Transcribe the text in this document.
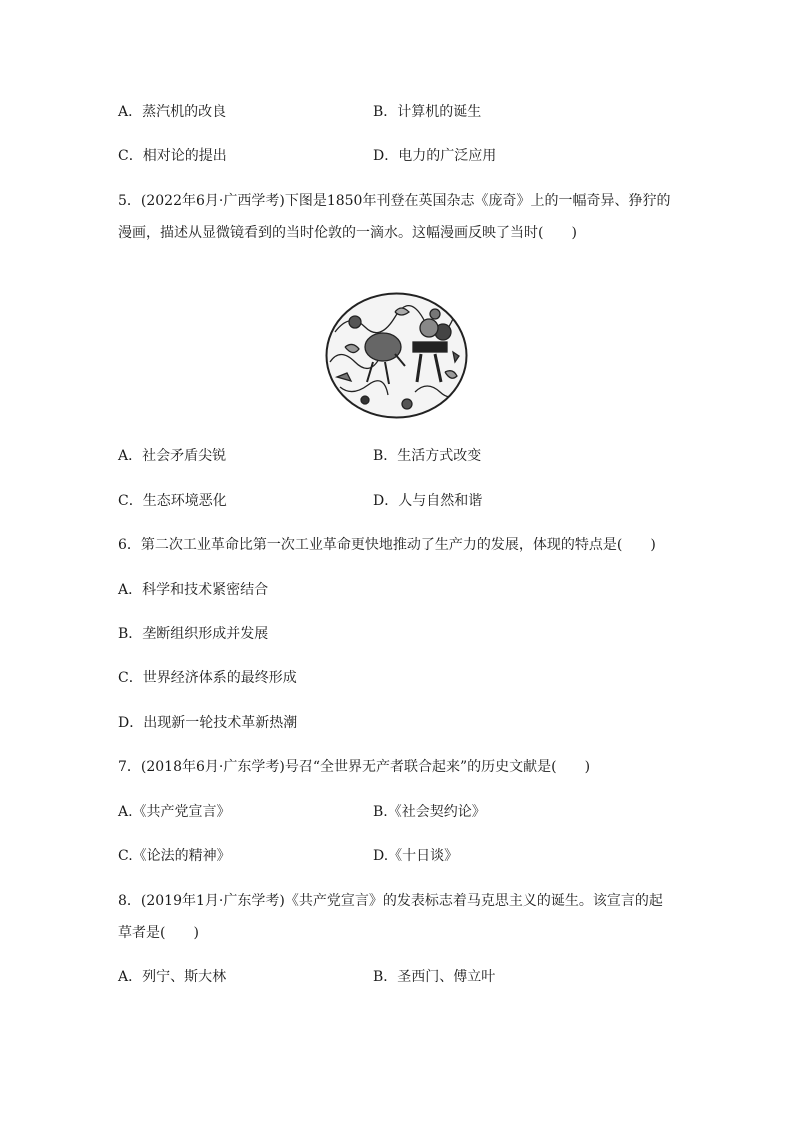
A．蒸汽机的改良	B．计算机的诞生
C．相对论的提出	D．电力的广泛应用
5．(2022年6月·广西学考)下图是1850年刊登在英国杂志《庞奇》上的一幅奇异、狰狞的
漫画，描述从显微镜看到的当时伦敦的一滴水。这幅漫画反映了当时(　　)
A．社会矛盾尖锐	B．生活方式改变
C．生态环境恶化	D．人与自然和谐
6．第二次工业革命比第一次工业革命更快地推动了生产力的发展，体现的特点是(　　)
A．科学和技术紧密结合
B．垄断组织形成并发展
C．世界经济体系的最终形成
D．出现新一轮技术革新热潮
7．(2018年6月·广东学考)号召“全世界无产者联合起来”的历史文献是(　　)
A.《共产党宣言》	B.《社会契约论》
C.《论法的精神》	D.《十日谈》
8．(2019年1月·广东学考)《共产党宣言》的发表标志着马克思主义的诞生。该宣言的起
草者是(　　)
A．列宁、斯大林	B．圣西门、傅立叶
